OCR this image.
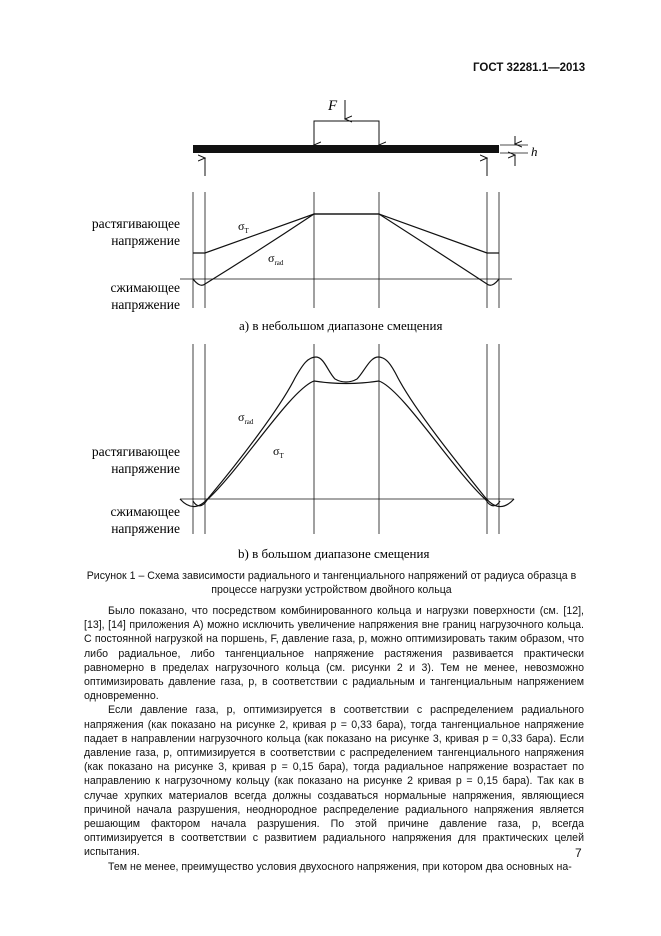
ГОСТ 32281.1—2013
F
h
растягивающее
напряжение
сжимающее
напряжение
$\sigma_T$
$\sigma_{rad}$
а) в небольшом диапазоне смещения
растягивающее
напряжение
сжимающее
напряжение
$\sigma_{rad}$
$\sigma_T$
b) в большом диапазоне смещения
Рисунок 1 – Схема зависимости радиального и тангенциального напряжений от радиуса образца в процессе нагрузки устройством двойного кольца

Было показано, что посредством комбинированного кольца и нагрузки поверхности (см. [12], [13], [14] приложения А) можно исключить увеличение напряжения вне границ нагрузочного кольца. С постоянной нагрузкой на поршень, F, давление газа, p, можно оптимизировать таким образом, что либо радиальное, либо тангенциальное напряжение растяжения развивается практически равномерно в пределах нагрузочного кольца (см. рисунки 2 и 3). Тем не менее, невозможно оптимизировать давление газа, p, в соответствии с радиальным и тангенциальным напряжением одновременно.

Если давление газа, p, оптимизируется в соответствии с распределением радиального напряжения (как показано на рисунке 2, кривая p = 0,33 бара), тогда тангенциальное напряжение падает в направлении нагрузочного кольца (как показано на рисунке 3, кривая p = 0,33 бара). Если давление газа, p, оптимизируется в соответствии с распределением тангенциального напряжения (как показано на рисунке 3, кривая p = 0,15 бара), тогда радиальное напряжение возрастает по направлению к нагрузочному кольцу (как показано на рисунке 2 кривая p = 0,15 бара). Так как в случае хрупких материалов всегда должны создаваться нормальные напряжения, являющиеся причиной начала разрушения, неоднородное распределение радиального напряжения является решающим фактором начала разрушения. По этой причине давление газа, p, всегда оптимизируется в соответствии с развитием радиального напряжения для практических целей испытания.

Тем не менее, преимущество условия двухосного напряжения, при котором два основных на-

7
